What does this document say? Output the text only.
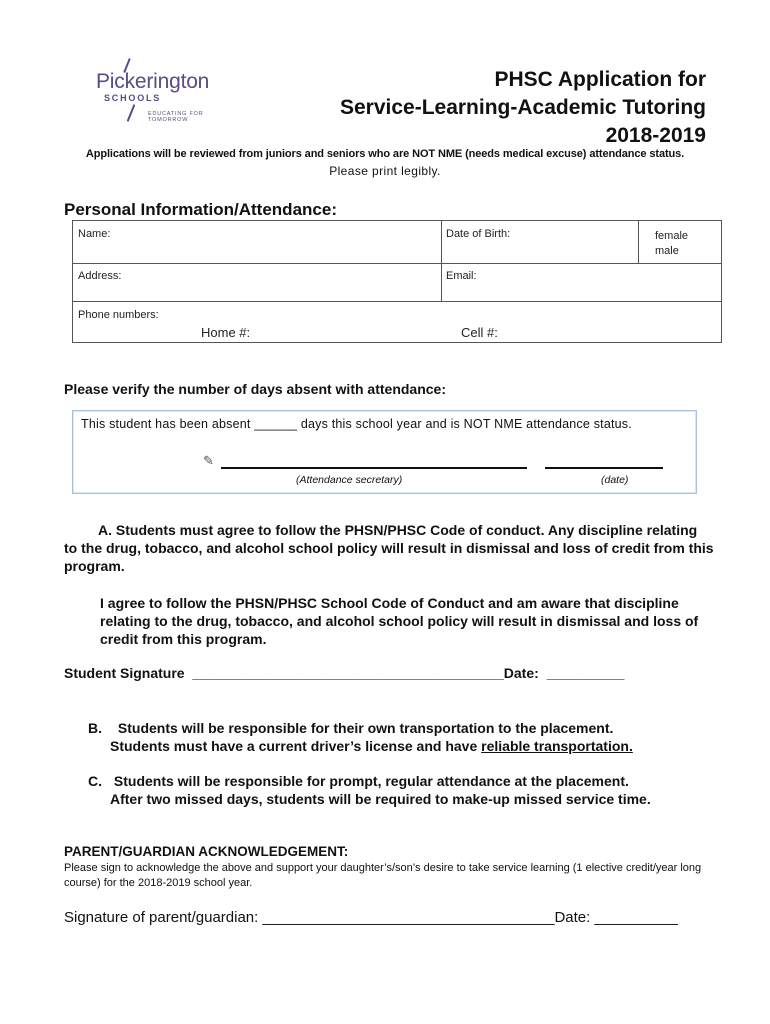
Pickerington
SCHOOLS
EDUCATING FOR TOMORROW
PHSC Application for
Service-Learning-Academic Tutoring
2018-2019
Applications will be reviewed from juniors and seniors who are NOT NME (needs medical excuse) attendance status.
Please print legibly.
Personal Information/Attendance:
Name:	Date of Birth:	female
male
Address:	Email:
Phone numbers:
Home #:	Cell #:
Please verify the number of days absent with attendance:
This student has been absent ______ days this school year and is NOT NME attendance status.
✎
(Attendance secretary)	(date)
A. Students must agree to follow the PHSN/PHSC Code of conduct. Any discipline relating to the drug, tobacco, and alcohol school policy will result in dismissal and loss of credit from this program.
I agree to follow the PHSN/PHSC School Code of Conduct and am aware that discipline relating to the drug, tobacco, and alcohol school policy will result in dismissal and loss of credit from this program.
Student Signature  ________________________________________Date:  __________
B. Students will be responsible for their own transportation to the placement.
Students must have a current driver’s license and have reliable transportation.
C. Students will be responsible for prompt, regular attendance at the placement.
After two missed days, students will be required to make-up missed service time.
PARENT/GUARDIAN ACKNOWLEDGEMENT:
Please sign to acknowledge the above and support your daughter’s/son’s desire to take service learning (1 elective credit/year long course) for the 2018-2019 school year.
Signature of parent/guardian: ___________________________________Date: __________
